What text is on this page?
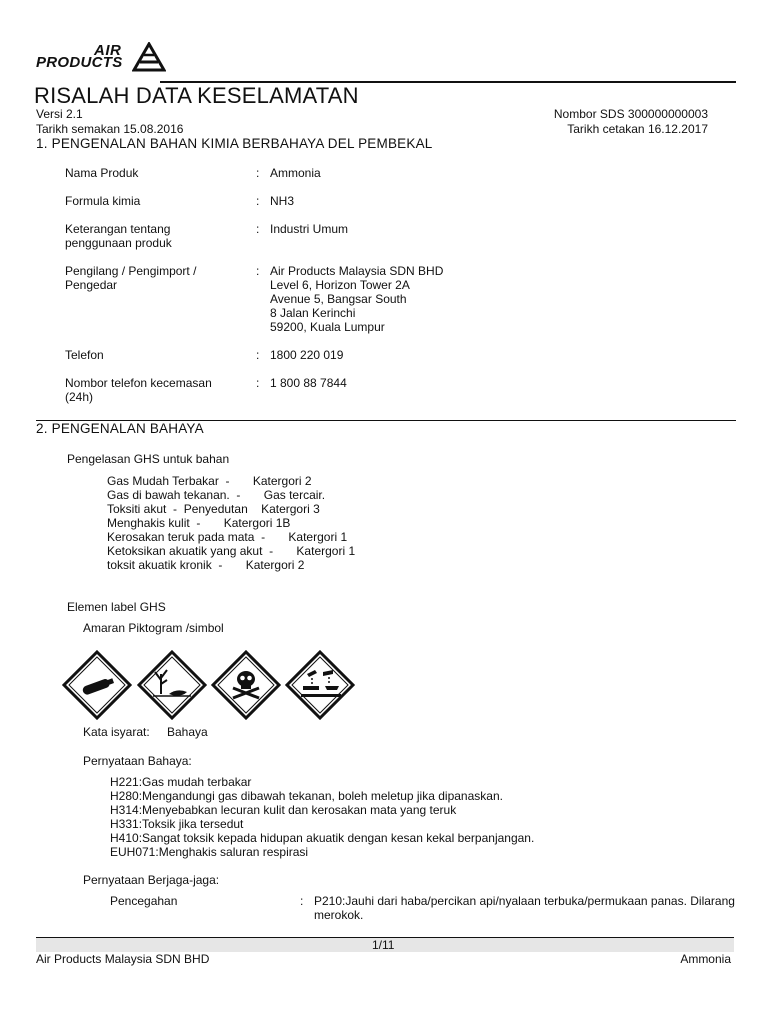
AIR
PRODUCTS
RISALAH DATA KESELAMATAN
Versi 2.1
Tarikh semakan 15.08.2016
Nombor SDS 300000000003
Tarikh cetakan 16.12.2017
1. PENGENALAN BAHAN KIMIA BERBAHAYA DEL PEMBEKAL
Nama Produk	: Ammonia
Formula kimia	: NH3
Keterangan tentang
penggunaan produk
: Industri Umum
Pengilang / Pengimport /
Pengedar
: Air Products Malaysia SDN BHD
Level 6, Horizon Tower 2A
Avenue 5, Bangsar South
8 Jalan Kerinchi
59200, Kuala Lumpur
Telefon	: 1800 220 019
Nombor telefon kecemasan
(24h)
: 1 800 88 7844
2. PENGENALAN BAHAYA
Pengelasan GHS untuk bahan
Gas Mudah Terbakar  -       Katergori 2
Gas di bawah tekanan.  -       Gas tercair.
Toksiti akut  -  Penyedutan    Katergori 3
Menghakis kulit  -       Katergori 1B
Kerosakan teruk pada mata  -       Katergori 1
Ketoksikan akuatik yang akut  -       Katergori 1
toksit akuatik kronik  -       Katergori 2
Elemen label GHS
Amaran Piktogram /simbol
Kata isyarat: Bahaya
Pernyataan Bahaya:
H221:Gas mudah terbakar
H280:Mengandungi gas dibawah tekanan, boleh meletup jika dipanaskan.
H314:Menyebabkan lecuran kulit dan kerosakan mata yang teruk
H331:Toksik jika tersedut
H410:Sangat toksik kepada hidupan akuatik dengan kesan kekal berpanjangan.
EUH071:Menghakis saluran respirasi
Pernyataan Berjaga-jaga:
Pencegahan	: P210:Jauhi dari haba/percikan api/nyalaan terbuka/permukaan panas. Dilarang
merokok.
1/11
Air Products Malaysia SDN BHD	Ammonia
